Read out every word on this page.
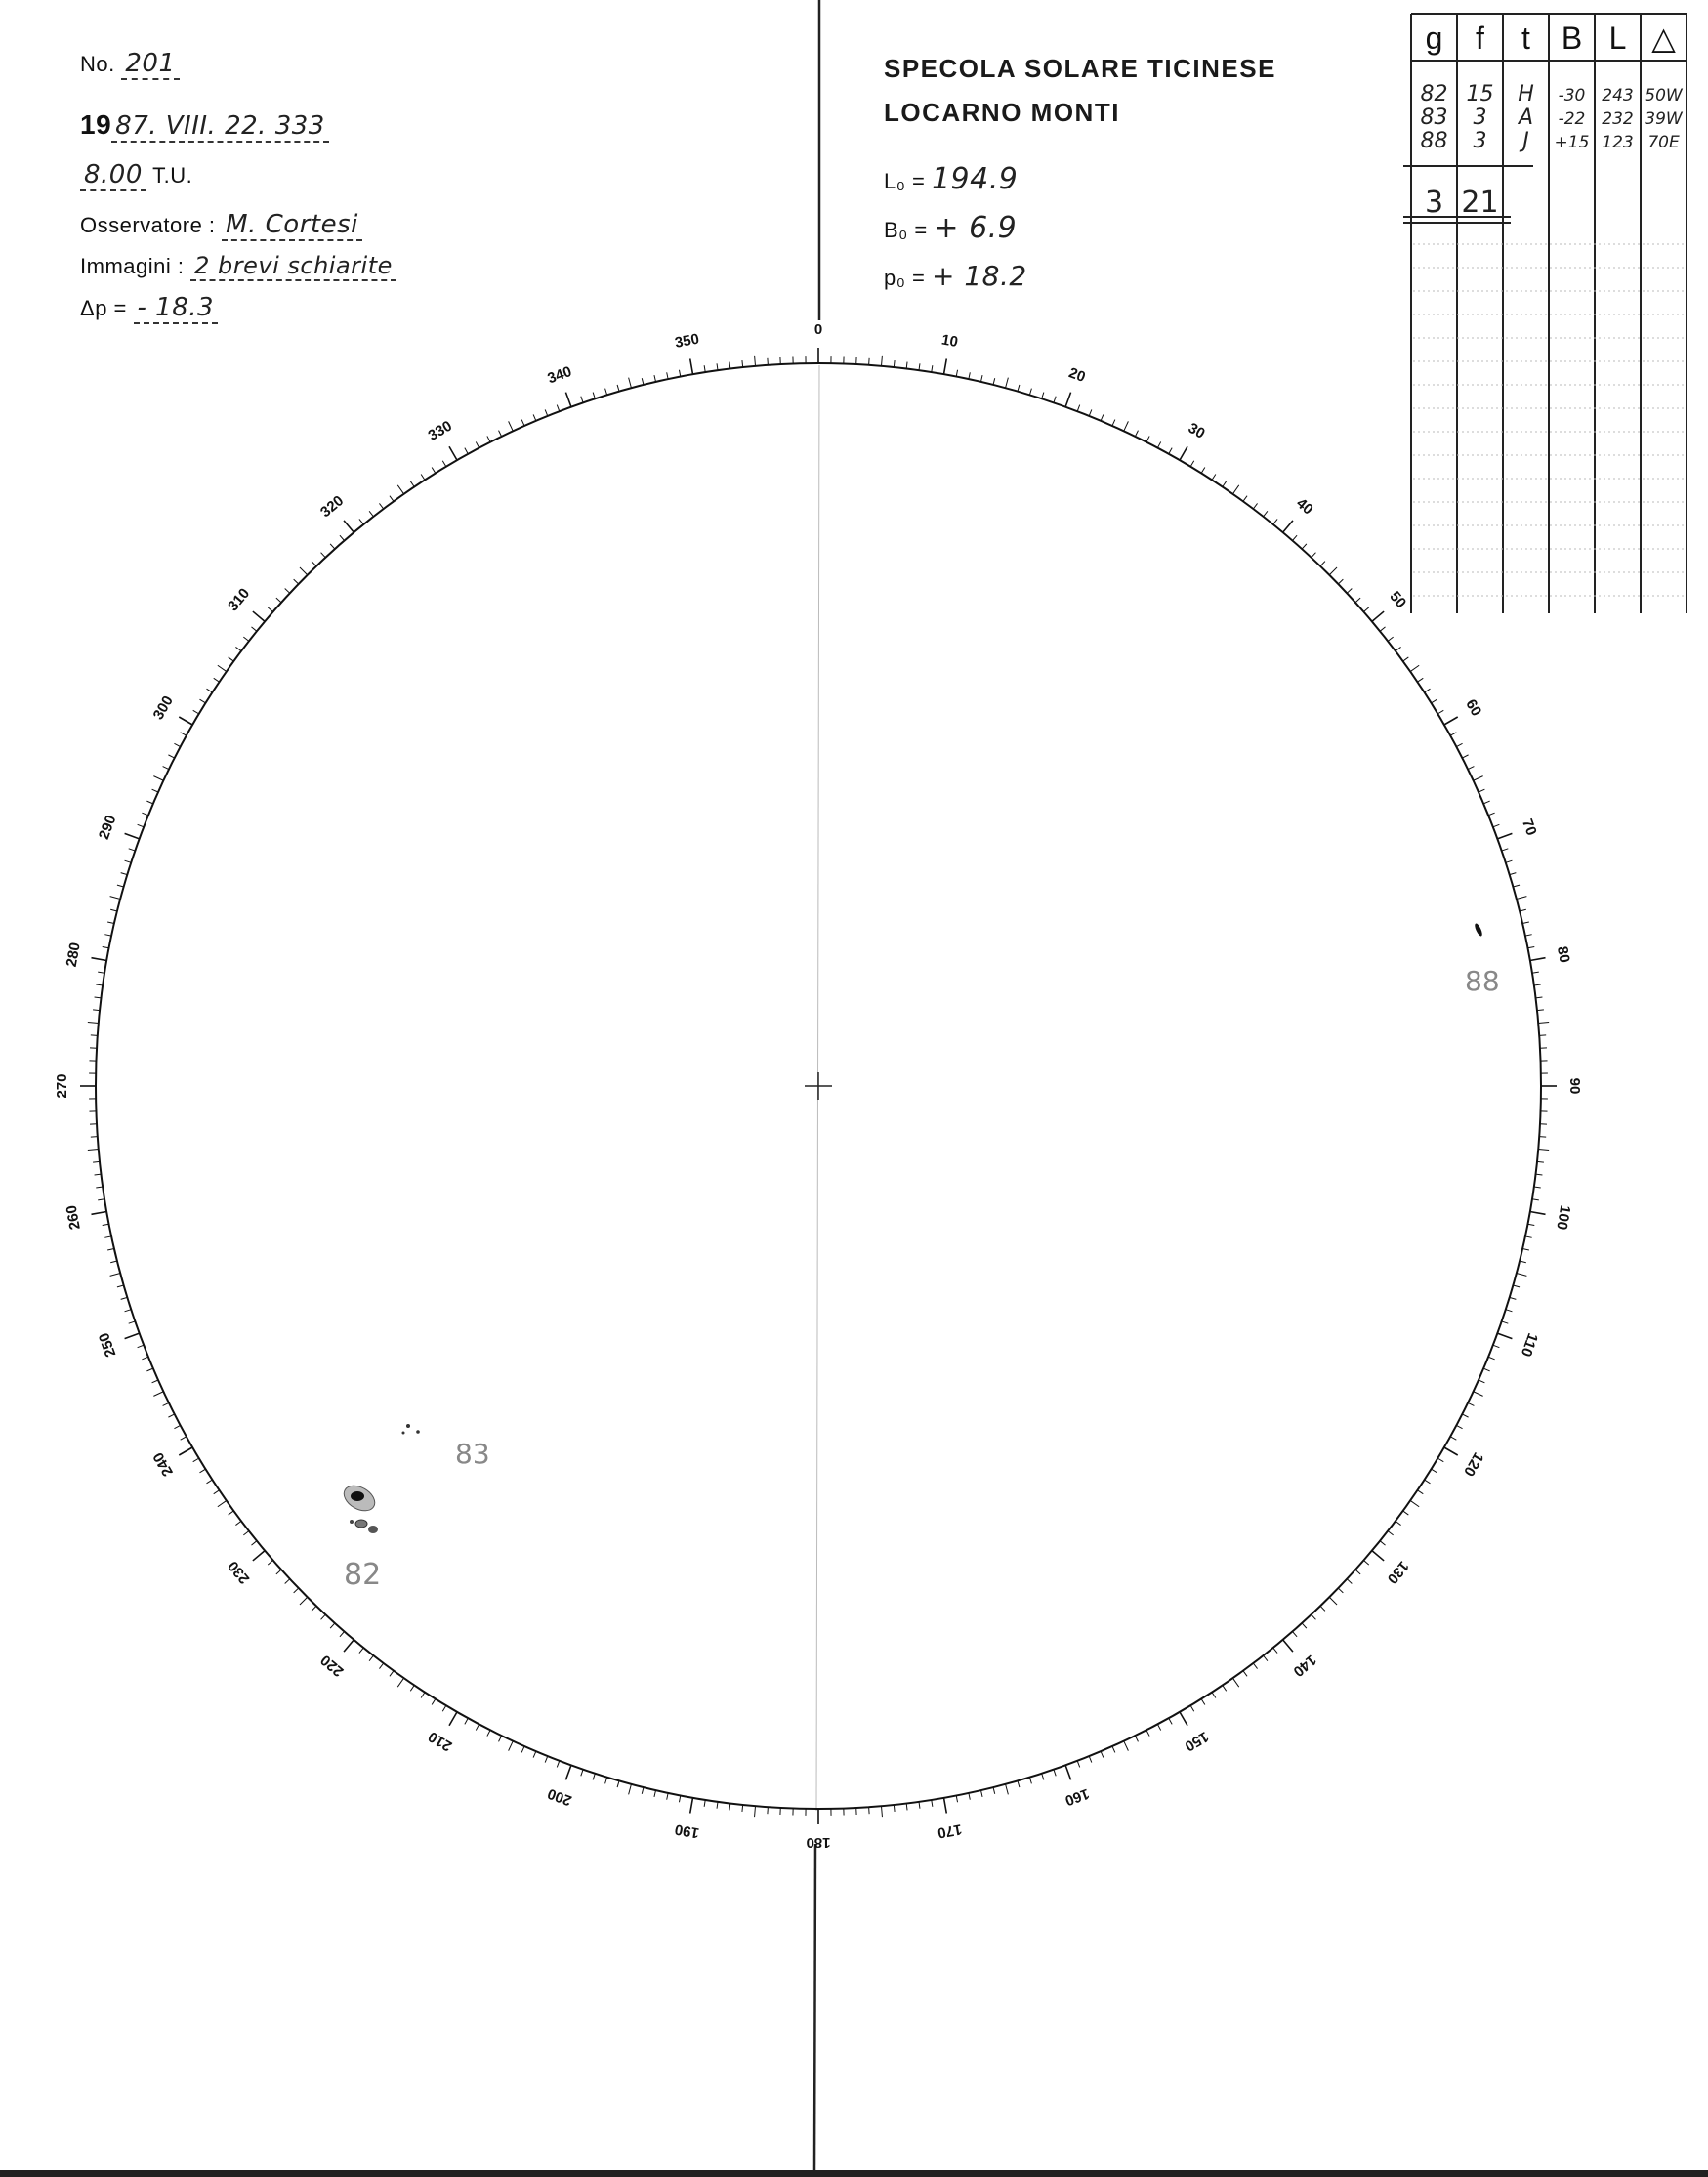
No. 201
19 87. VIII. 22. 333
8.00 T.U.
Osservatore : M. Cortesi
Immagini : 2 brevi schiarite
Δp = - 18.3
SPECOLA SOLARE TICINESE
LOCARNO MONTI
L₀ = 194.9
B₀ = + 6.9
p₀ = + 18.2
g f t B L △
82 15 H -30 243 50W
83 3 A -22 232 39W
88 3 J +15 123 70E
3 21
0
10
20
30
40
50
60
70
80
90
100
110
120
130
140
150
160
170
180
190
200
210
220
230
240
250
260
270
280
290
300
310
320
330
340
350
82
83
88
